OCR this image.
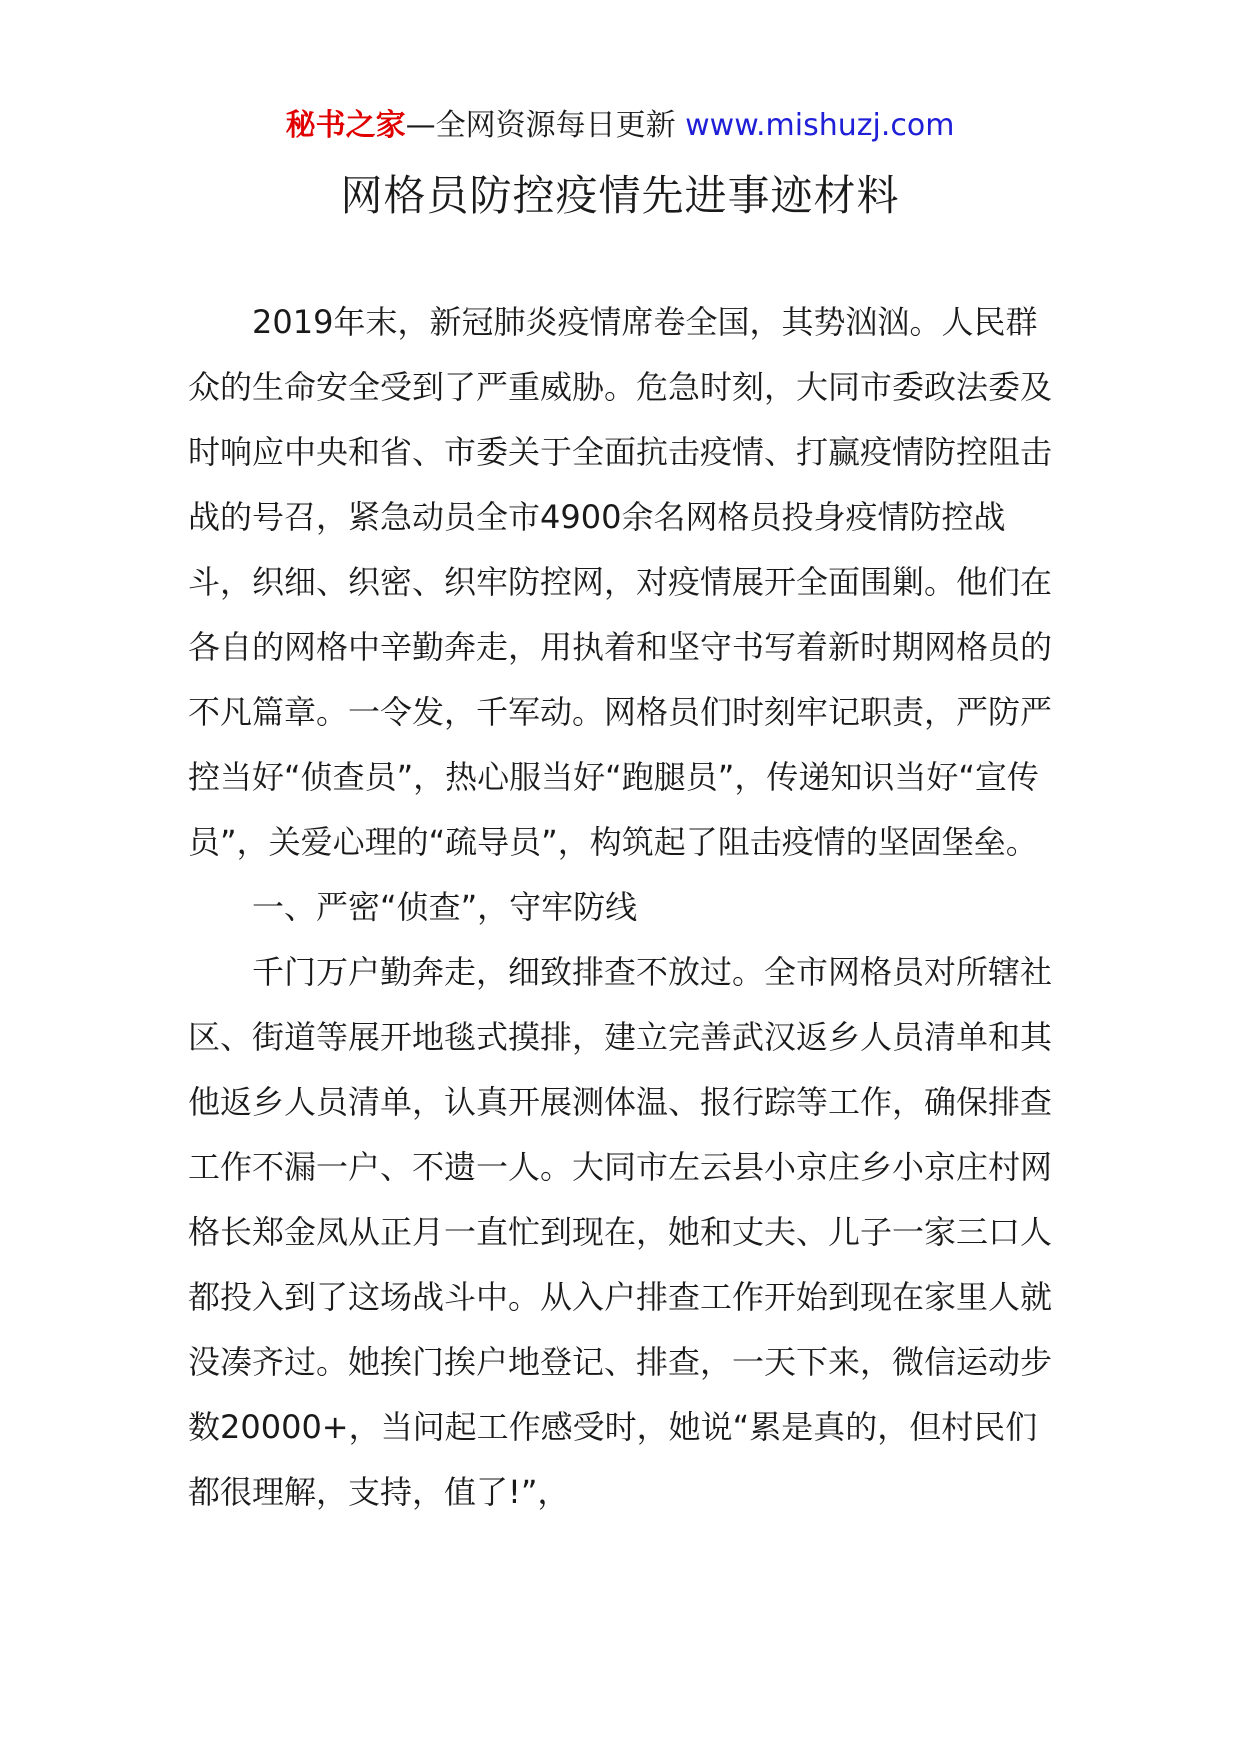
秘书之家—全网资源每日更新 www.mishuzj.com
网格员防控疫情先进事迹材料

2019年末，新冠肺炎疫情席卷全国，其势汹汹。人民群众的生命安全受到了严重威胁。危急时刻，大同市委政法委及时响应中央和省、市委关于全面抗击疫情、打赢疫情防控阻击战的号召，紧急动员全市4900余名网格员投身疫情防控战斗，织细、织密、织牢防控网，对疫情展开全面围剿。他们在各自的网格中辛勤奔走，用执着和坚守书写着新时期网格员的不凡篇章。一令发，千军动。网格员们时刻牢记职责，严防严控当好“侦查员”，热心服当好“跑腿员”，传递知识当好“宣传员”，关爱心理的“疏导员”，构筑起了阻击疫情的坚固堡垒。

一、严密“侦查”，守牢防线

千门万户勤奔走，细致排查不放过。全市网格员对所辖社区、街道等展开地毯式摸排，建立完善武汉返乡人员清单和其他返乡人员清单，认真开展测体温、报行踪等工作，确保排查工作不漏一户、不遗一人。大同市左云县小京庄乡小京庄村网格长郑金凤从正月一直忙到现在，她和丈夫、儿子一家三口人都投入到了这场战斗中。从入户排查工作开始到现在家里人就没凑齐过。她挨门挨户地登记、排查，一天下来，微信运动步数20000+，当问起工作感受时，她说“累是真的，但村民们都很理解，支持，值了!”，
